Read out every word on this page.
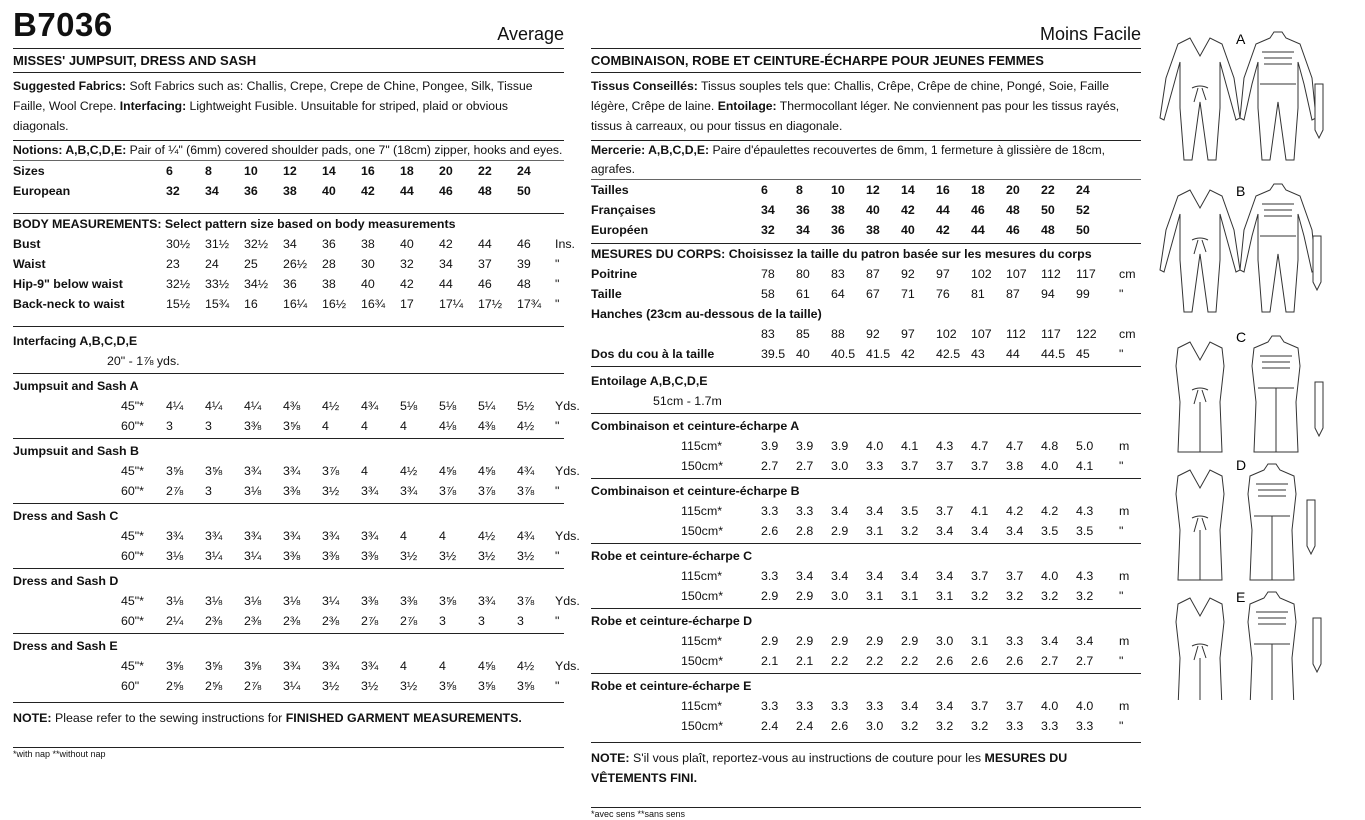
B7036	Average
MISSES' JUMPSUIT, DRESS AND SASH
Suggested Fabrics: Soft Fabrics such as: Challis, Crepe, Crepe de Chine, Pongee, Silk, Tissue Faille, Wool Crepe. Interfacing: Lightweight Fusible. Unsuitable for striped, plaid or obvious diagonals.
Notions: A,B,C,D,E: Pair of ¼" (6mm) covered shoulder pads, one 7" (18cm) zipper, hooks and eyes.
Sizes	6	8	10 12 14 16 18 20 22 24
European	32 34 36 38 40 42 44 46 48 50
BODY MEASUREMENTS: Select pattern size based on body measurements
Bust	30½ 31½ 32½ 34 36 38 40 42 44 46 Ins.
Waist	23 24 25 26½ 28 30 32 34 37 39 "
Hip-9" below waist	32½ 33½ 34½ 36 38 40 42 44 46 48 "
Back-neck to waist	15½ 15¾ 16 16¼ 16½ 16¾ 17 17¼ 17½ 17¾ "
Interfacing A,B,C,D,E
20" - 1⅞ yds.
Jumpsuit and Sash A
45"* 4¼ 4¼ 4¼ 4⅜ 4½ 4¾ 5⅛ 5⅛ 5¼ 5½ Yds.
60"* 3	3	3⅜ 3⅝ 4	4	4	4⅛ 4⅜ 4½ "
Jumpsuit and Sash B
45"* 3⅝ 3⅝ 3¾ 3¾ 3⅞ 4	4½ 4⅝ 4⅝ 4¾ Yds.
60"* 2⅞ 3	3⅛ 3⅜ 3½ 3¾ 3¾ 3⅞ 3⅞ 3⅞ "
Dress and Sash C
45"* 3¾ 3¾ 3¾ 3¾ 3¾ 3¾ 4	4	4½ 4¾ Yds.
60"* 3⅛ 3¼ 3¼ 3⅜ 3⅜ 3⅜ 3½ 3½ 3½ 3½ "
Dress and Sash D
45"* 3⅛ 3⅛ 3⅛ 3⅛ 3¼ 3⅜ 3⅜ 3⅝ 3¾ 3⅞ Yds.
60"* 2¼ 2⅜ 2⅜ 2⅜ 2⅜ 2⅞ 2⅞ 3	3	3	"
Dress and Sash E
45"* 3⅝ 3⅝ 3⅝ 3¾ 3¾ 3¾ 4	4	4⅝ 4½ Yds.
60" 2⅝ 2⅝ 2⅞ 3¼ 3½ 3½ 3½ 3⅝ 3⅝ 3⅝ "
NOTE: Please refer to the sewing instructions for FINISHED GARMENT MEASUREMENTS.
*with nap **without nap
Moins Facile
COMBINAISON, ROBE ET CEINTURE-ÉCHARPE POUR JEUNES FEMMES
Tissus Conseillés: Tissus souples tels que: Challis, Crêpe, Crêpe de chine, Pongé, Soie, Faille légère, Crêpe de laine. Entoilage: Thermocollant léger. Ne conviennent pas pour les tissus rayés, tissus à carreaux, ou pour tissus en diagonale.
Mercerie: A,B,C,D,E: Paire d'épaulettes recouvertes de 6mm, 1 fermeture à glissière de 18cm, agrafes.
Tailles	6 8 10 12 14 16 18 20 22 24
Françaises	34 36 38 40 42 44 46 48 50 52
Européen	32 34 36 38 40 42 44 46 48 50
MESURES DU CORPS: Choisissez la taille du patron basée sur les mesures du corps
Poitrine	78 80 83 87 92 97 102 107 112 117 cm
Taille	58 61 64 67 71 76 81 87 94 99 "
Hanches (23cm au-dessous de la taille)
83 85 88 92 97 102 107 112 117 122 cm
Dos du cou à la taille	39.5 40 40.5 41.5 42 42.5 43 44 44.5 45 "
Entoilage A,B,C,D,E
51cm - 1.7m
Combinaison et ceinture-écharpe A
115cm*	3.9 3.9 3.9 4.0 4.1 4.3 4.7 4.7 4.8 5.0 m
150cm*	2.7 2.7 3.0 3.3 3.7 3.7 3.7 3.8 4.0 4.1 "
Combinaison et ceinture-écharpe B
115cm*	3.3 3.3 3.4 3.4 3.5 3.7 4.1 4.2 4.2 4.3 m
150cm*	2.6 2.8 2.9 3.1 3.2 3.4 3.4 3.4 3.5 3.5 "
Robe et ceinture-écharpe C
115cm*	3.3 3.4 3.4 3.4 3.4 3.4 3.7 3.7 4.0 4.3 m
150cm*	2.9 2.9 3.0 3.1 3.1 3.1 3.2 3.2 3.2 3.2 "
Robe et ceinture-écharpe D
115cm*	2.9 2.9 2.9 2.9 2.9 3.0 3.1 3.3 3.4 3.4 m
150cm*	2.1 2.1 2.2 2.2 2.2 2.6 2.6 2.6 2.7 2.7 "
Robe et ceinture-écharpe E
115cm*	3.3 3.3 3.3 3.3 3.4 3.4 3.7 3.7 4.0 4.0 m
150cm*	2.4 2.4 2.6 3.0 3.2 3.2 3.2 3.3 3.3 3.3 "
NOTE: S'il vous plaît, reportez-vous au instructions de couture pour les MESURES DU VÊTEMENTS FINI.
*avec sens **sans sens
A
B
C
D
E
